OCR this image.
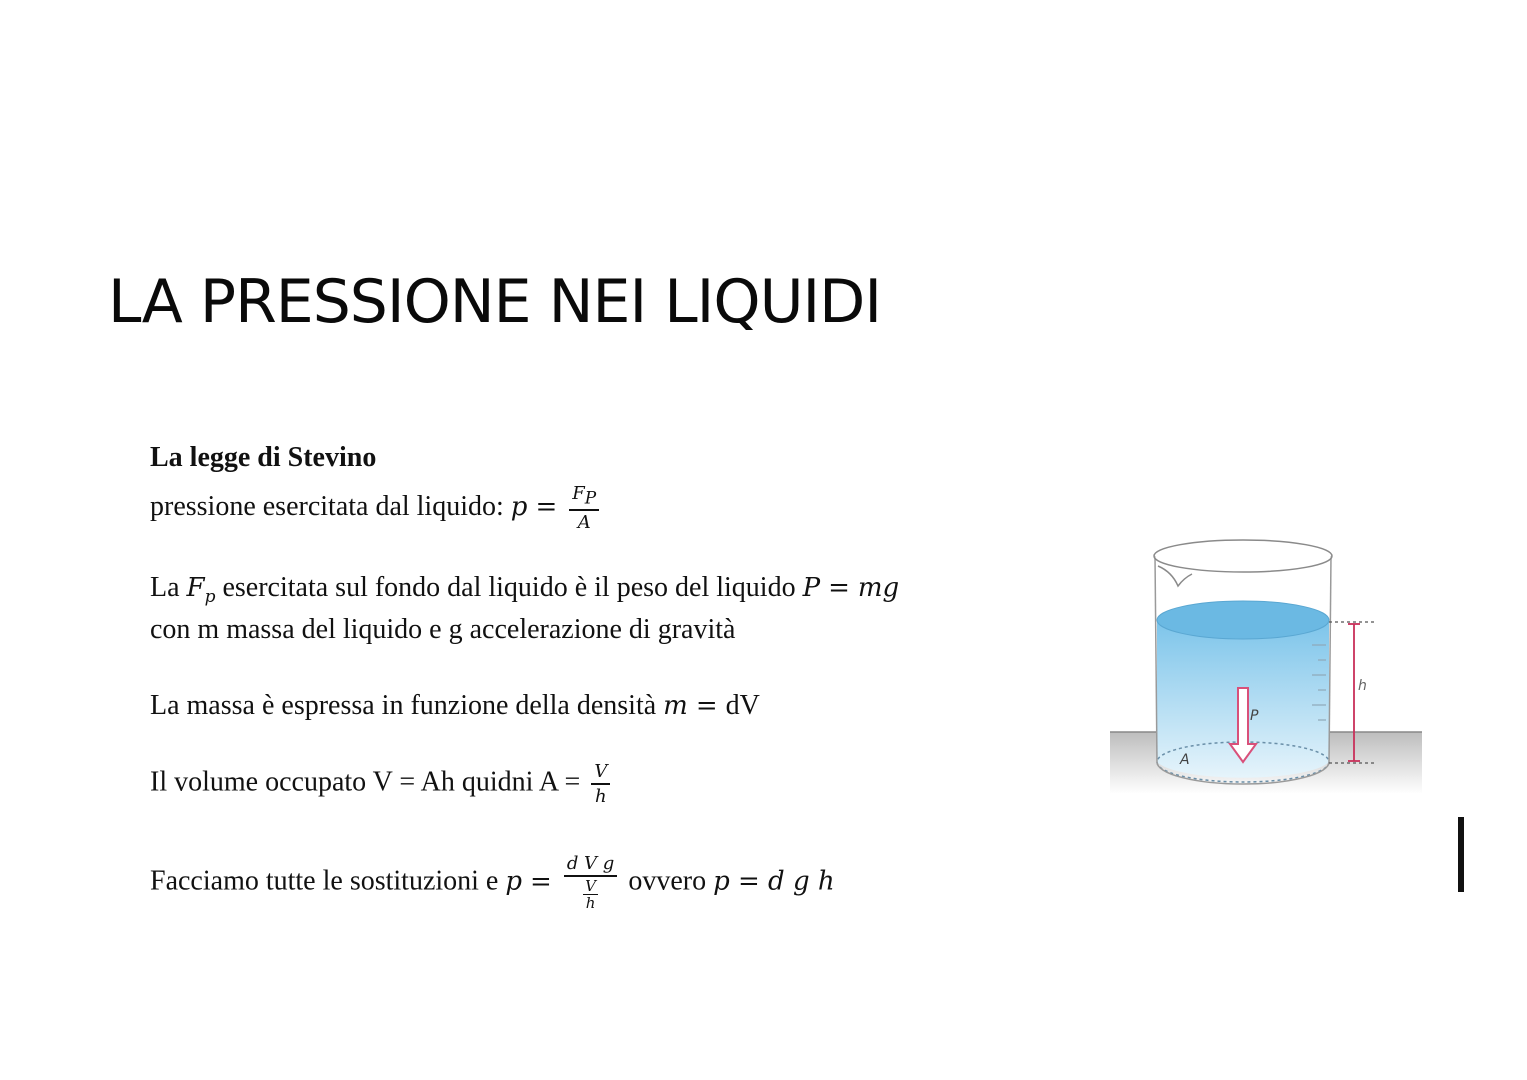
LA PRESSIONE NEI LIQUIDI
La legge di Stevino
pressione esercitata dal liquido: $p = \frac{F_P}{A}$
La $F_p$ esercitata sul fondo dal liquido è il peso del liquido P = mg
con m massa del liquido e g accelerazione di gravità
La massa è espressa in funzione della densità m = dV
Il volume occupato V = Ah quidni $A = \frac{V}{h}$
Facciamo tutte le sostituzioni e $p = \frac{\text{d V g}}{\frac{V}{h}}$ ovvero p = d g h
P
A
h
